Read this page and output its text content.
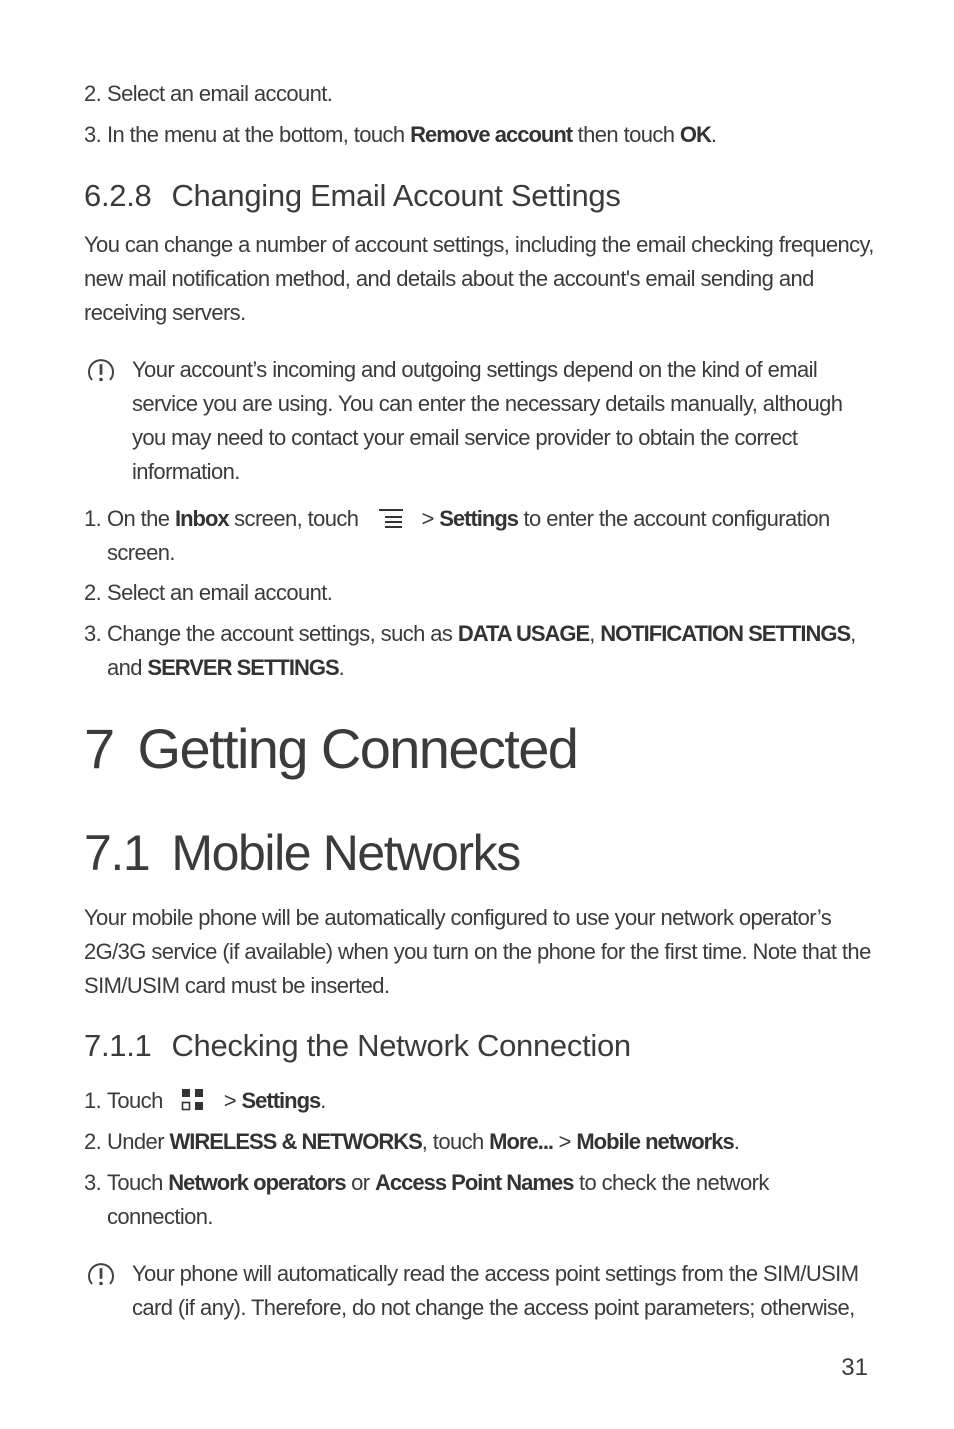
2. Select an email account.
3. In the menu at the bottom, touch Remove account then touch OK.
6.2.8 Changing Email Account Settings
You can change a number of account settings, including the email checking frequency, new mail notification method, and details about the account's email sending and receiving servers.
Your account’s incoming and outgoing settings depend on the kind of email service you are using. You can enter the necessary details manually, although you may need to contact your email service provider to obtain the correct information.
1. On the Inbox screen, touch  > Settings to enter the account configuration screen.
2. Select an email account.
3. Change the account settings, such as DATA USAGE, NOTIFICATION SETTINGS, and SERVER SETTINGS.
7 Getting Connected
7.1 Mobile Networks
Your mobile phone will be automatically configured to use your network operator’s 2G/3G service (if available) when you turn on the phone for the first time. Note that the SIM/USIM card must be inserted.
7.1.1 Checking the Network Connection
1. Touch  > Settings.
2. Under WIRELESS & NETWORKS, touch More... > Mobile networks.
3. Touch Network operators or Access Point Names to check the network connection.
Your phone will automatically read the access point settings from the SIM/USIM card (if any). Therefore, do not change the access point parameters; otherwise,
31
